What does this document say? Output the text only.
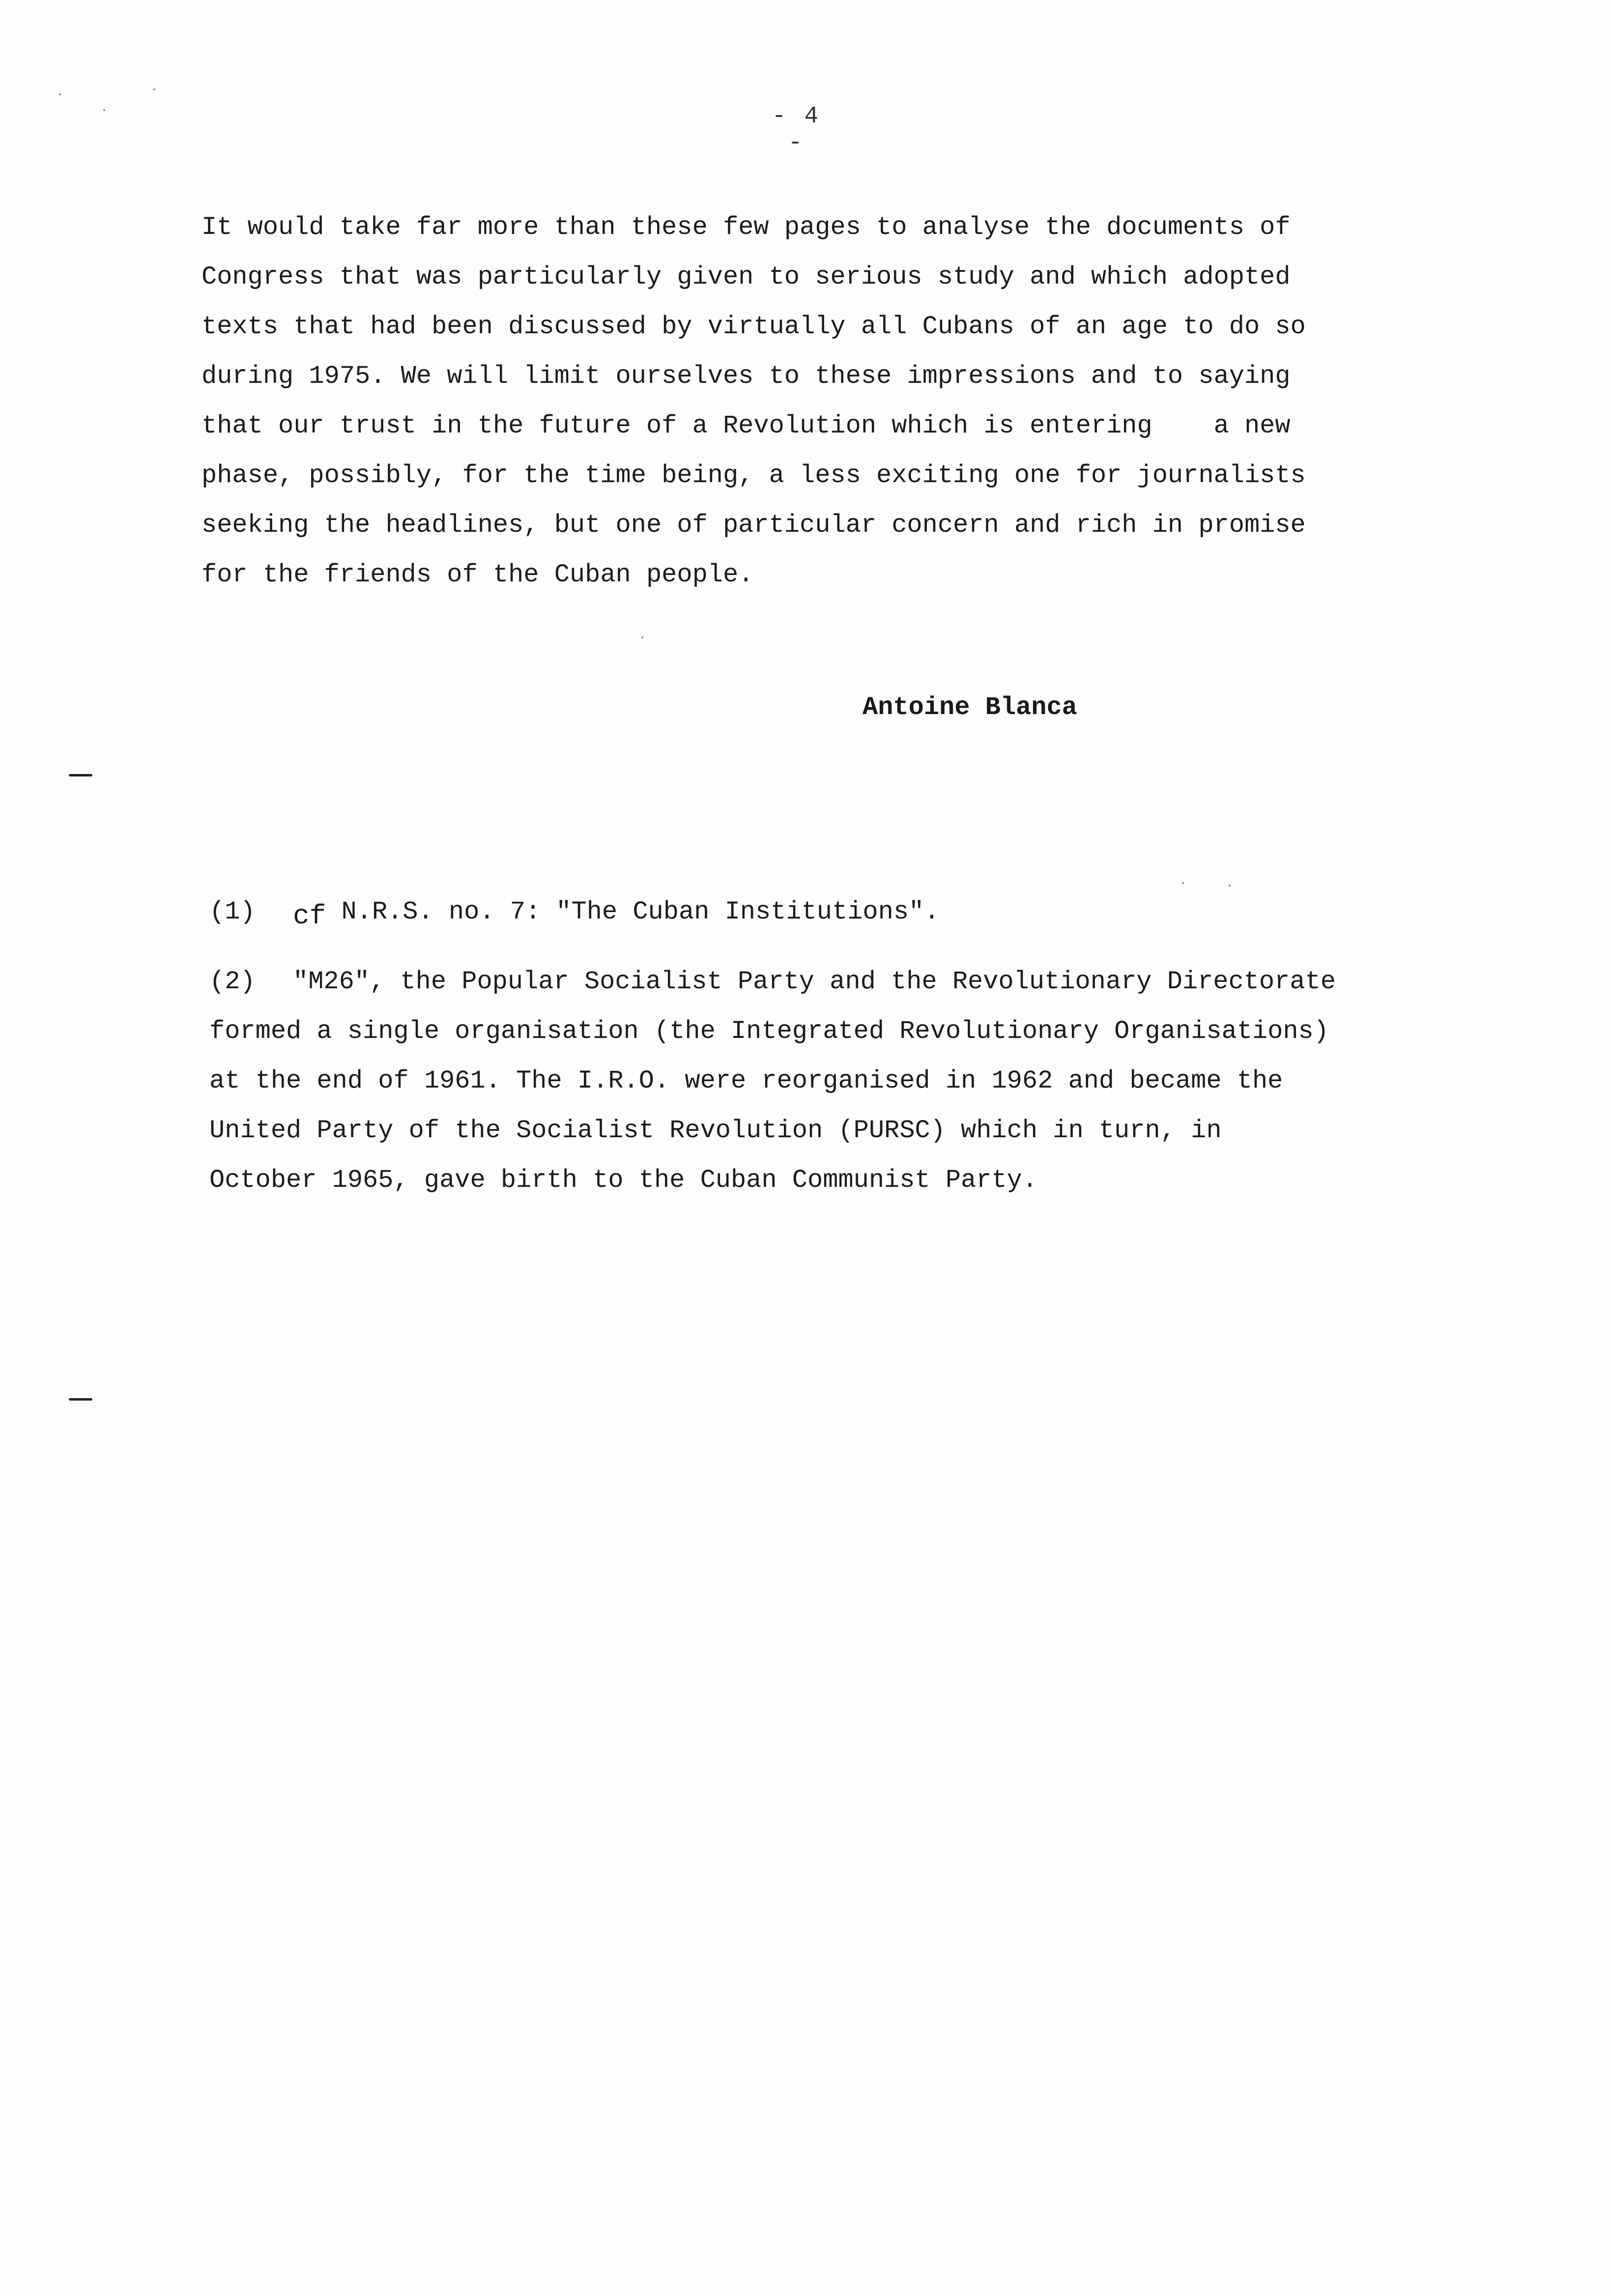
- 4 -
It would take far more than these few pages to analyse the documents of
Congress that was particularly given to serious study and which adopted
texts that had been discussed by virtually all Cubans of an age to do so
during 1975. We will limit ourselves to these impressions and to saying
that our trust in the future of a Revolution which is entering    a new
phase, possibly, for the time being, a less exciting one for journalists
seeking the headlines, but one of particular concern and rich in promise
for the friends of the Cuban people.
Antoine Blanca
(1) cf N.R.S. no. 7: "The Cuban Institutions".
(2) "M26", the Popular Socialist Party and the Revolutionary Directorate
formed a single organisation (the Integrated Revolutionary Organisations)
at the end of 1961. The I.R.O. were reorganised in 1962 and became the
United Party of the Socialist Revolution (PURSC) which in turn, in
October 1965, gave birth to the Cuban Communist Party.
